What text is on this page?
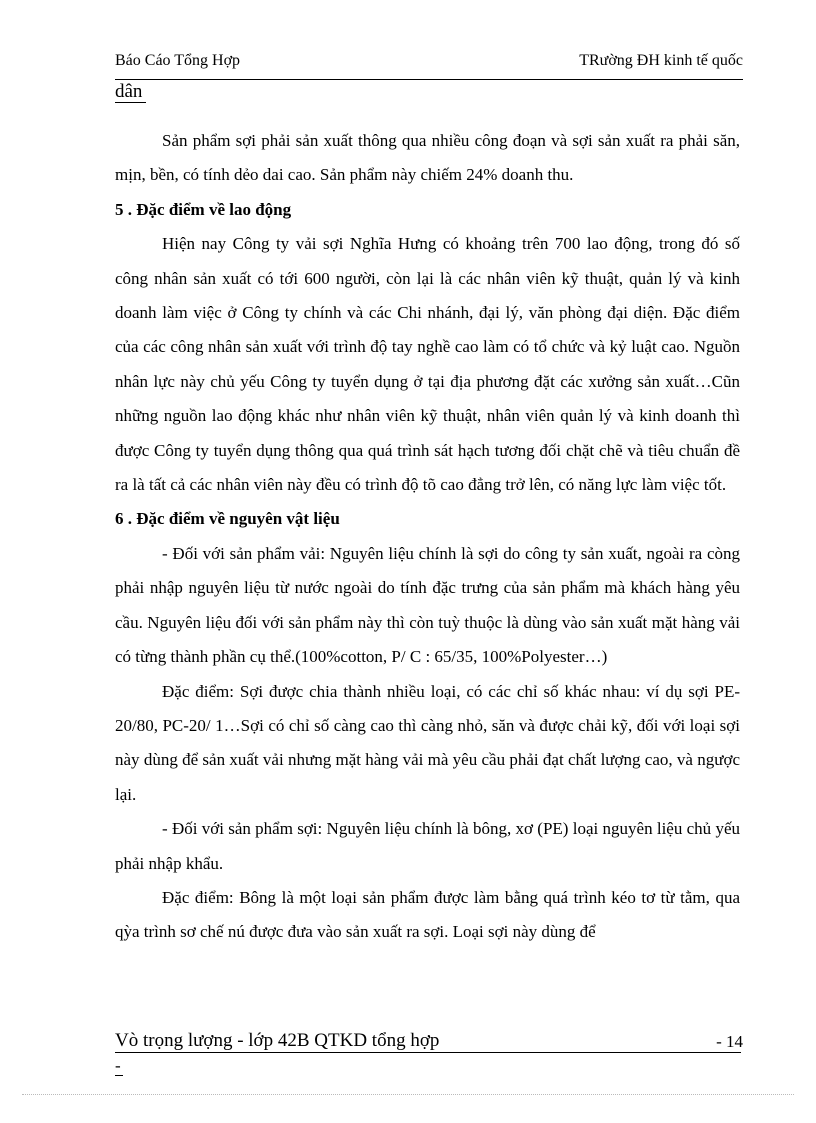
Báo Cáo Tổng Hợp	TRường ĐH kinh tế quốc
dân

Sản phẩm sợi phải sản xuất thông qua nhiều công đoạn và sợi sản xuất ra phải săn, mịn, bền, có tính dẻo dai cao. Sản phẩm này chiếm 24% doanh thu.

5 . Đặc điểm về lao động

Hiện nay Công ty vải sợi Nghĩa Hưng có khoảng trên 700 lao động, trong đó số công nhân sản xuất có tới 600 người, còn lại là các nhân viên kỹ thuật, quản lý và kinh doanh làm việc ở Công ty chính và các Chi nhánh, đại lý, văn phòng đại diện. Đặc điểm của các công nhân sản xuất với trình độ tay nghề cao làm có tổ chức và kỷ luật cao. Nguồn nhân lực này chủ yếu Công ty tuyển dụng ở tại địa phương đặt các xưởng sản xuất…Cũn những nguồn lao động khác như nhân viên kỹ thuật, nhân viên quản lý và kinh doanh thì được Công ty tuyển dụng thông qua quá trình sát hạch tương đối chặt chẽ và tiêu chuẩn đề ra là tất cả các nhân viên này đều có trình độ tõ cao đẳng trở lên, có năng lực làm việc tốt.

6 . Đặc điểm về nguyên vật liệu

- Đối với sản phẩm vải: Nguyên liệu chính là sợi do công ty sản xuất, ngoài ra còng phải nhập nguyên liệu từ nước ngoài do tính đặc trưng của sản phẩm mà khách hàng yêu cầu. Nguyên liệu đối với sản phẩm này thì còn tuỳ thuộc là dùng vào sản xuất mặt hàng vải có từng thành phần cụ thể.(100%cotton, P/ C : 65/35, 100%Polyester…)

Đặc điểm: Sợi được chia thành nhiều loại, có các chỉ số khác nhau: ví dụ sợi PE-20/80, PC-20/ 1…Sợi có chỉ số càng cao thì càng nhỏ, săn và được chải kỹ, đối với loại sợi này dùng để sản xuất vải nhưng mặt hàng vải mà yêu cầu phải đạt chất lượng cao, và ngược lại.

- Đối với sản phẩm sợi: Nguyên liệu chính là bông, xơ (PE) loại nguyên liệu chủ yếu phải nhập khẩu.

Đặc điểm: Bông là một loại sản phẩm được làm bằng quá trình kéo tơ từ tằm, qua qỳa trình sơ chế nú được đưa vào sản xuất ra sợi. Loại sợi này dùng để

Vò trọng lượng - lớp 42B QTKD tổng hợp	- 14
-
